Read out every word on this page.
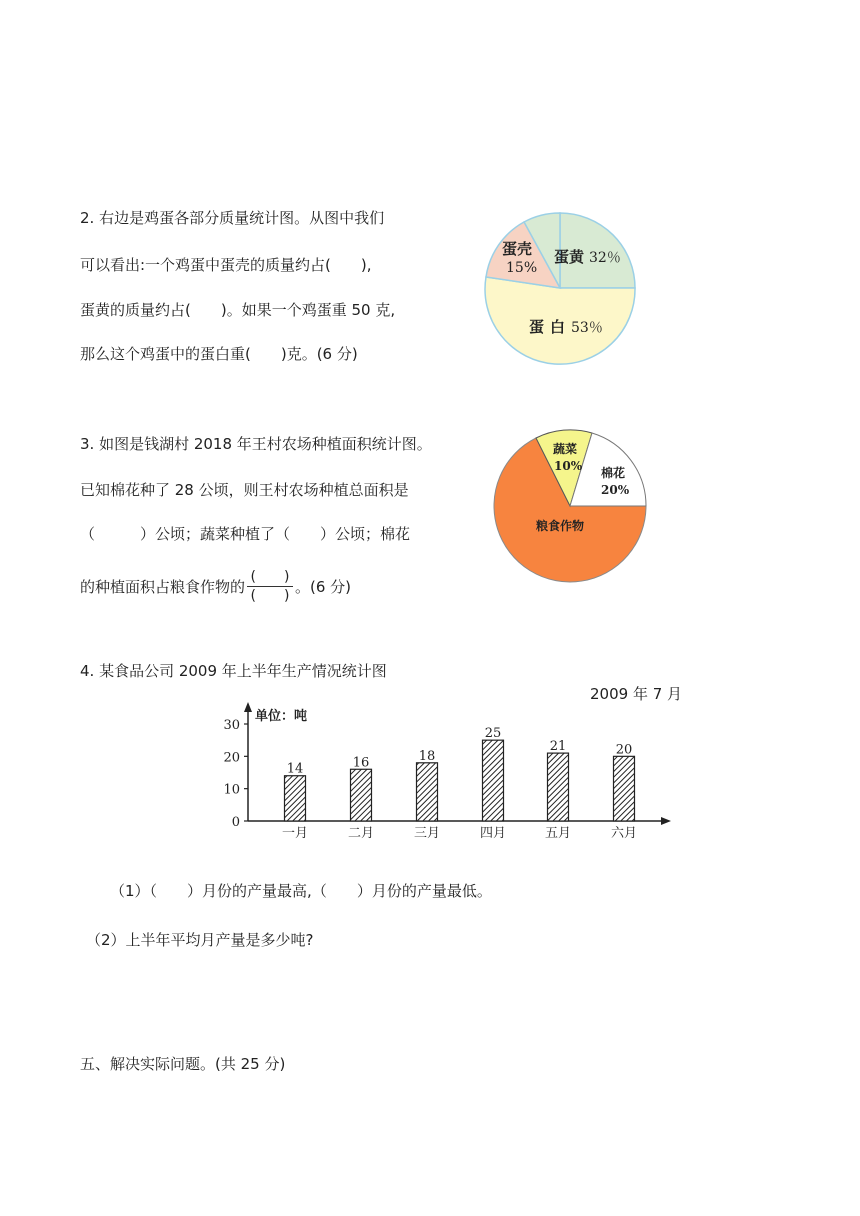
2. 右边是鸡蛋各部分质量统计图。从图中我们
可以看出:一个鸡蛋中蛋壳的质量约占(　　),
蛋黄的质量约占(　　)。如果一个鸡蛋重 50 克,
那么这个鸡蛋中的蛋白重(　　)克。(6 分)
蛋壳
15%
蛋黄 32％
蛋白 53％
3. 如图是钱湖村 2018 年王村农场种植面积统计图。
已知棉花种了 28 公顷，则王村农场种植总面积是
（　　　）公顷；蔬菜种植了（　　）公顷；棉花
的种植面积占粮食作物的 $\frac{( )}{( )}$ 。(6 分)
蔬菜
10% 棉花
20%
粮食作物
4. 某食品公司 2009 年上半年生产情况统计图
2009 年 7 月
单位：吨
0
10
20
30
14
一月
16
二月
18
三月
25
四月
21
五月
20
六月
（1）（　　）月份的产量最高,（　　）月份的产量最低。
（2）上半年平均月产量是多少吨?
五、解决实际问题。(共 25 分)
